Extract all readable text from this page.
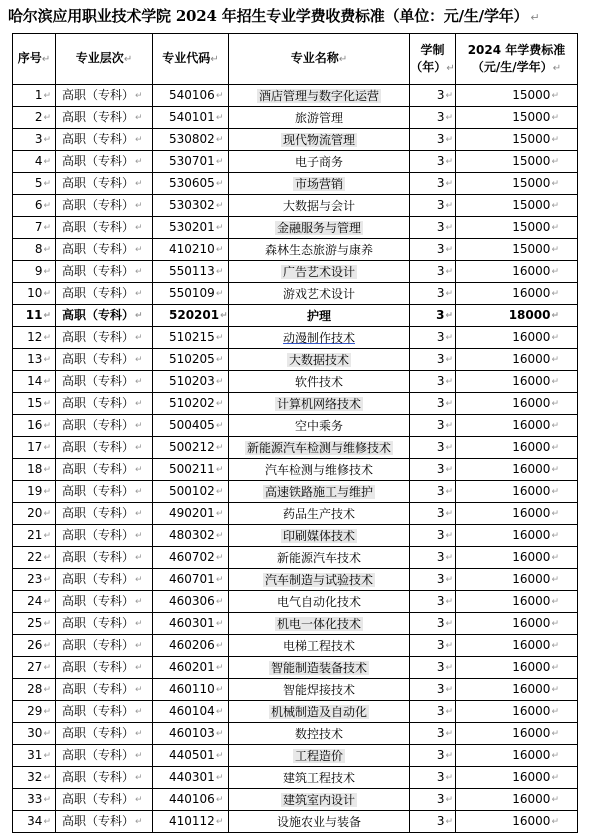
哈尔滨应用职业技术学院 2024 年招生专业学费收费标准（单位：元/生/学年） ↵
序号↵	专业层次↵	专业代码↵	专业名称↵	学制
（年）↵	2024 年学费标准
（元/生/学年）↵

1↵	高职（专科）↵	540106↵	酒店管理与数字化运营	3↵	15000↵
2↵	高职（专科）↵	540101↵	旅游管理	3↵	15000↵
3↵	高职（专科）↵	530802↵	现代物流管理	3↵	15000↵
4↵	高职（专科）↵	530701↵	电子商务	3↵	15000↵
5↵	高职（专科）↵	530605↵	市场营销	3↵	15000↵
6↵	高职（专科）↵	530302↵	大数据与会计	3↵	15000↵
7↵	高职（专科）↵	530201↵	金融服务与管理	3↵	15000↵
8↵	高职（专科）↵	410210↵	森林生态旅游与康养	3↵	15000↵
9↵	高职（专科）↵	550113↵	广告艺术设计	3↵	16000↵
10↵	高职（专科）↵	550109↵	游戏艺术设计	3↵	16000↵
11↵	高职（专科）↵	520201↵	护理	3↵	18000↵
12↵	高职（专科）↵	510215↵	动漫制作技术	3↵	16000↵
13↵	高职（专科）↵	510205↵	大数据技术	3↵	16000↵
14↵	高职（专科）↵	510203↵	软件技术	3↵	16000↵
15↵	高职（专科）↵	510202↵	计算机网络技术	3↵	16000↵
16↵	高职（专科）↵	500405↵	空中乘务	3↵	16000↵
17↵	高职（专科）↵	500212↵	新能源汽车检测与维修技术	3↵	16000↵
18↵	高职（专科）↵	500211↵	汽车检测与维修技术	3↵	16000↵
19↵	高职（专科）↵	500102↵	高速铁路施工与维护	3↵	16000↵
20↵	高职（专科）↵	490201↵	药品生产技术	3↵	16000↵
21↵	高职（专科）↵	480302↵	印刷媒体技术	3↵	16000↵
22↵	高职（专科）↵	460702↵	新能源汽车技术	3↵	16000↵
23↵	高职（专科）↵	460701↵	汽车制造与试验技术	3↵	16000↵
24↵	高职（专科）↵	460306↵	电气自动化技术	3↵	16000↵
25↵	高职（专科）↵	460301↵	机电一体化技术	3↵	16000↵
26↵	高职（专科）↵	460206↵	电梯工程技术	3↵	16000↵
27↵	高职（专科）↵	460201↵	智能制造装备技术	3↵	16000↵
28↵	高职（专科）↵	460110↵	智能焊接技术	3↵	16000↵
29↵	高职（专科）↵	460104↵	机械制造及自动化	3↵	16000↵
30↵	高职（专科）↵	460103↵	数控技术	3↵	16000↵
31↵	高职（专科）↵	440501↵	工程造价	3↵	16000↵
32↵	高职（专科）↵	440301↵	建筑工程技术	3↵	16000↵
33↵	高职（专科）↵	440106↵	建筑室内设计	3↵	16000↵
34↵	高职（专科）↵	410112↵	设施农业与装备	3↵	16000↵
